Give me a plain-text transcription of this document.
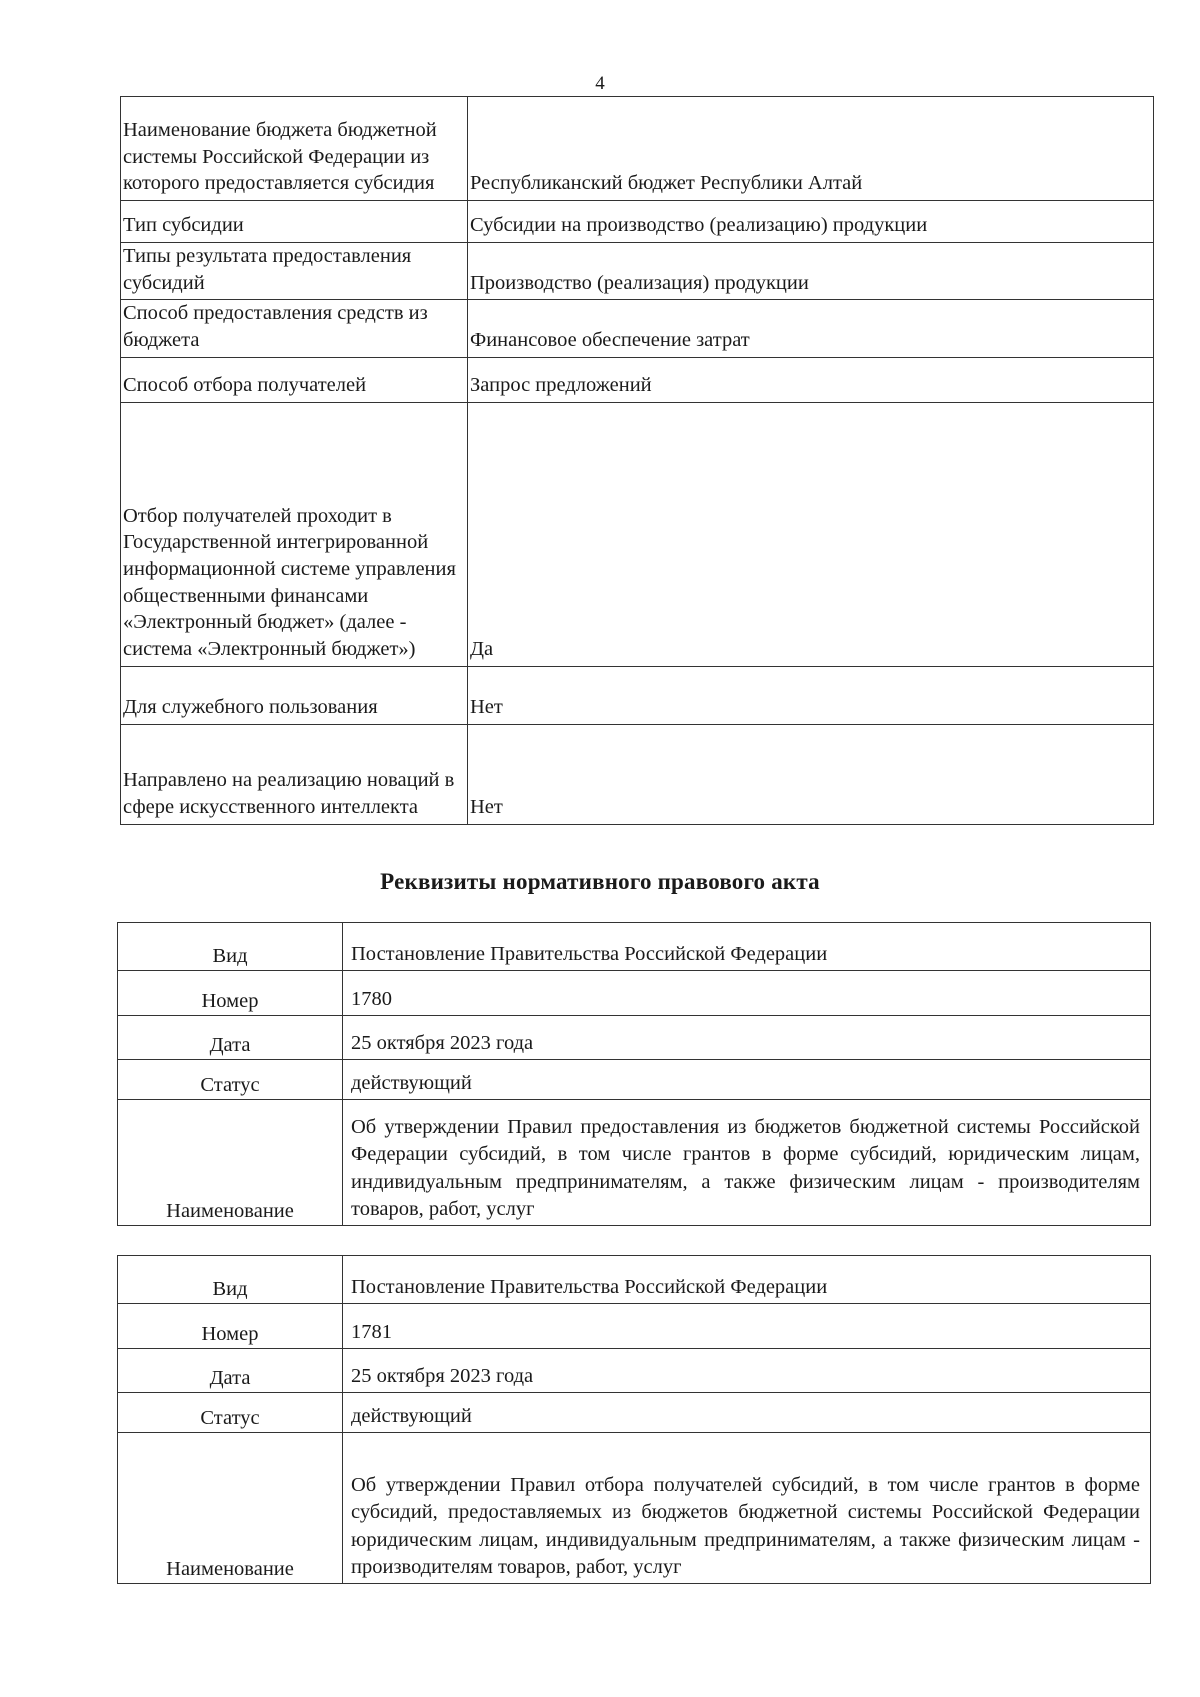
4
Наименование бюджета бюджетной системы Российской Федерации из которого предоставляется субсидия	Республиканский бюджет Республики Алтай
Тип субсидии	Субсидии на производство (реализацию) продукции
Типы результата предоставления субсидий	Производство (реализация) продукции
Способ предоставления средств из бюджета	Финансовое обеспечение затрат
Способ отбора получателей	Запрос предложений
Отбор получателей проходит в Государственной интегрированной информационной системе управления общественными финансами «Электронный бюджет» (далее - система «Электронный бюджет»)	Да
Для служебного пользования	Нет
Направлено на реализацию новаций в сфере искусственного интеллекта	Нет
Реквизиты нормативного правового акта
Вид	Постановление Правительства Российской Федерации
Номер	1780
Дата	25 октября 2023 года
Статус	действующий
Наименование	Об утверждении Правил предоставления из бюджетов бюджетной системы Российской Федерации субсидий, в том числе грантов в форме субсидий, юридическим лицам, индивидуальным предпринимателям, а также физическим лицам - производителям товаров, работ, услуг
Вид	Постановление Правительства Российской Федерации
Номер	1781
Дата	25 октября 2023 года
Статус	действующий
Наименование	Об утверждении Правил отбора получателей субсидий, в том числе грантов в форме субсидий, предоставляемых из бюджетов бюджетной системы Российской Федерации юридическим лицам, индивидуальным предпринимателям, а также физическим лицам - производителям товаров, работ, услуг
